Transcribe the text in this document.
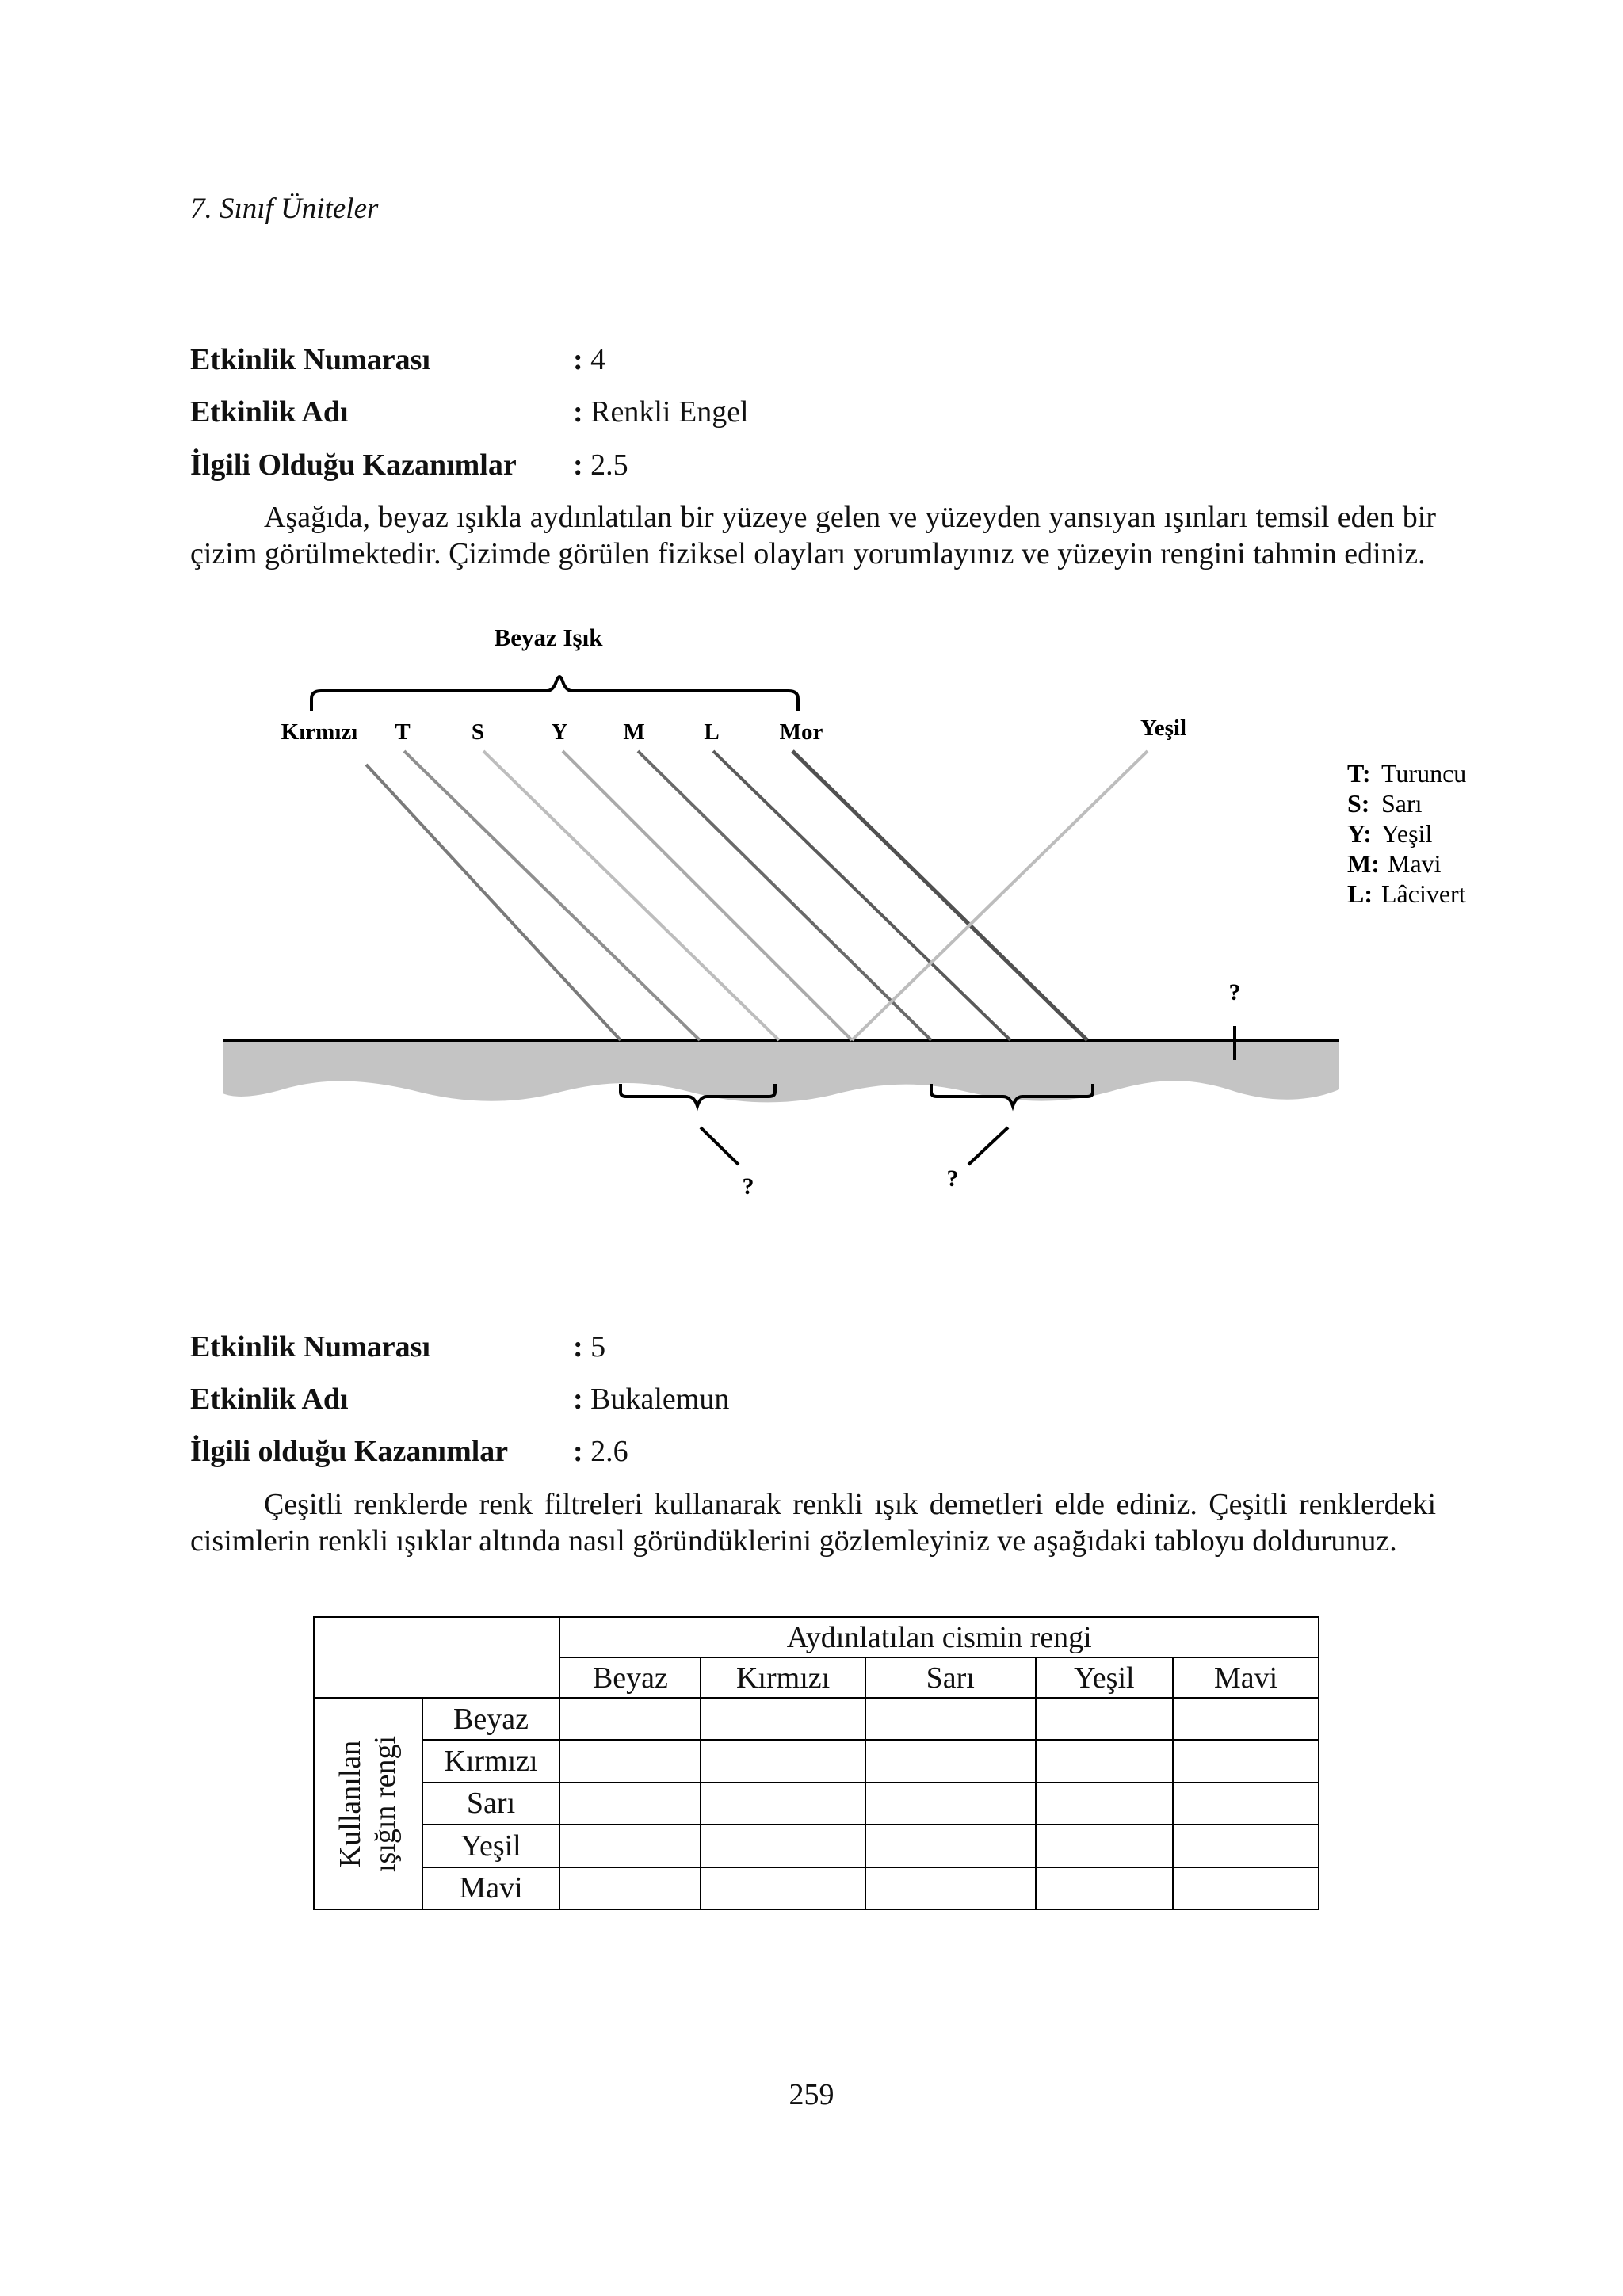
7. Sınıf Üniteler
Etkinlik Numarası	: 4
Etkinlik Adı	: Renkli Engel
İlgili Olduğu Kazanımlar : 2.5
Aşağıda, beyaz ışıkla aydınlatılan bir yüzeye gelen ve yüzeyden yansıyan ışınları temsil eden bir çizim görülmektedir. Çizimde görülen fiziksel olayları yorumlayınız ve yüzeyin rengini tahmin ediniz.
Beyaz Işık
Kırmızı T	S	Y M	L	Mor	Yeşil
?
?	?
T: Turuncu
S: Sarı
Y: Yeşil
M: Mavi
L: Lâcivert
Etkinlik Numarası	: 5
Etkinlik Adı	: Bukalemun
İlgili olduğu Kazanımlar : 2.6
Çeşitli renklerde renk filtreleri kullanarak renkli ışık demetleri elde ediniz. Çeşitli renklerdeki cisimlerin renkli ışıklar altında nasıl göründüklerini gözlemleyiniz ve aşağıdaki tabloyu doldurunuz.
		Aydınlatılan cismin rengi				
		Beyaz	Kırmızı	Sarı	Yeşil	Mavi

Kullanılan ışığın rengi	Beyaz					
	Kırmızı					
	Sarı					
	Yeşil					
	Mavi					
259
